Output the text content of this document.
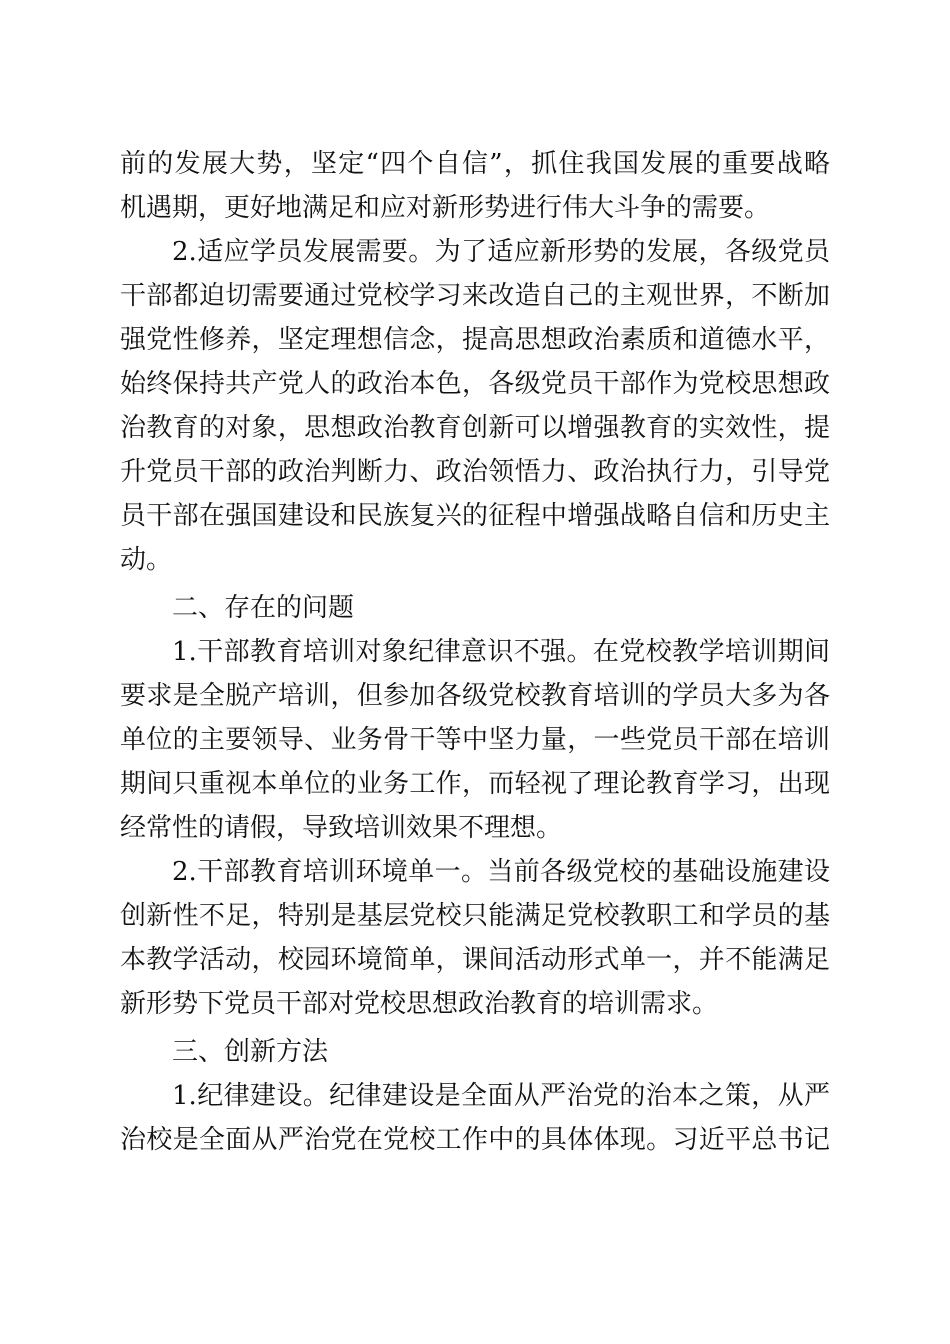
前的发展大势，坚定“四个自信”，抓住我国发展的重要战略
机遇期，更好地满足和应对新形势进行伟大斗争的需要。
2.适应学员发展需要。为了适应新形势的发展，各级党员
干部都迫切需要通过党校学习来改造自己的主观世界，不断加
强党性修养，坚定理想信念，提高思想政治素质和道德水平，
始终保持共产党人的政治本色，各级党员干部作为党校思想政
治教育的对象，思想政治教育创新可以增强教育的实效性，提
升党员干部的政治判断力、政治领悟力、政治执行力，引导党
员干部在强国建设和民族复兴的征程中增强战略自信和历史主
动。
二、存在的问题
1.干部教育培训对象纪律意识不强。在党校教学培训期间
要求是全脱产培训，但参加各级党校教育培训的学员大多为各
单位的主要领导、业务骨干等中坚力量，一些党员干部在培训
期间只重视本单位的业务工作，而轻视了理论教育学习，出现
经常性的请假，导致培训效果不理想。
2.干部教育培训环境单一。当前各级党校的基础设施建设
创新性不足，特别是基层党校只能满足党校教职工和学员的基
本教学活动，校园环境简单，课间活动形式单一，并不能满足
新形势下党员干部对党校思想政治教育的培训需求。
三、创新方法
1.纪律建设。纪律建设是全面从严治党的治本之策，从严
治校是全面从严治党在党校工作中的具体体现。习近平总书记
